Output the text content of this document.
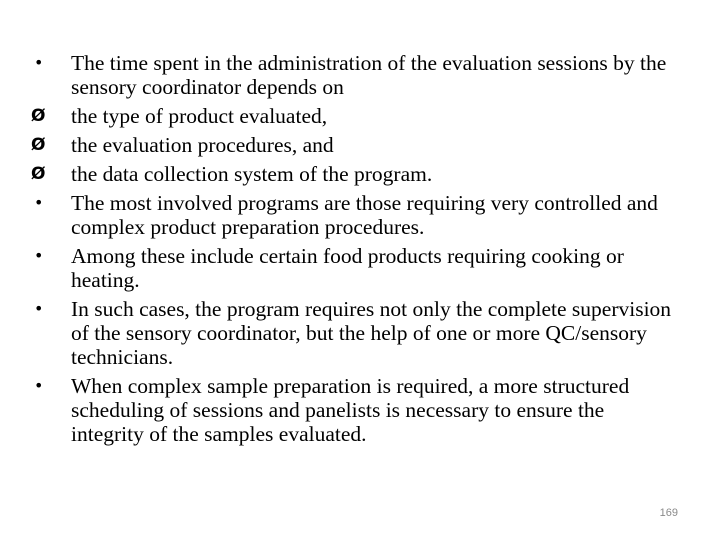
•	The time spent in the administration of the evaluation sessions by the sensory coordinator depends on
Ø	the type of product evaluated,
Ø	the evaluation procedures, and
Ø	the data collection system of the program.
•	The most involved programs are those requiring very controlled and complex product preparation procedures.
•	Among these include certain food products requiring cooking or heating.
•	In such cases, the program requires not only the complete supervision of the sensory coordinator, but the help of one or more QC/sensory technicians.
•	When complex sample preparation is required, a more structured scheduling of sessions and panelists is necessary to ensure the integrity of the samples evaluated.
169
